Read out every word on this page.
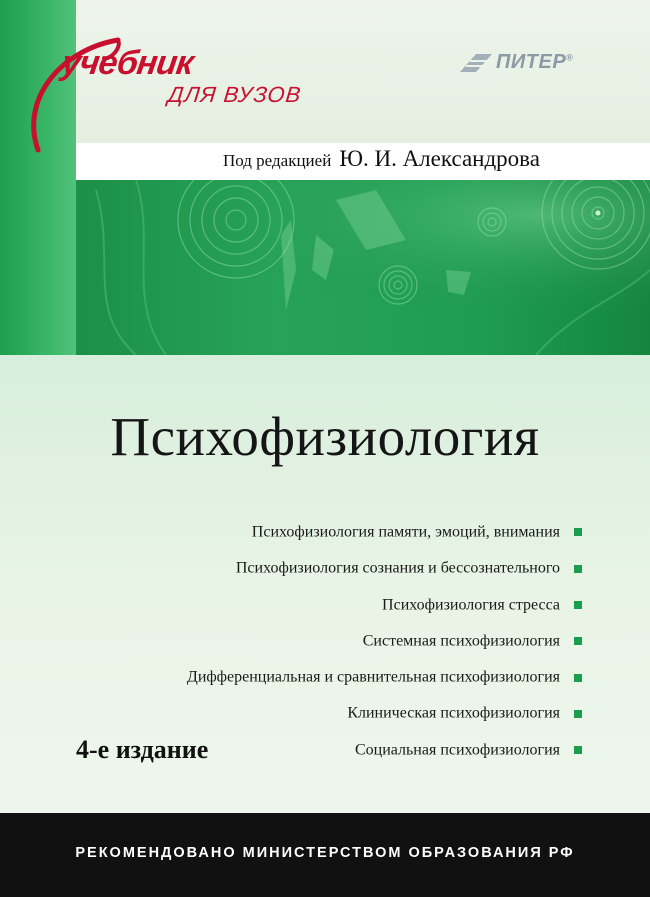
учебник
ДЛЯ ВУЗОВ
ПИТЕР®
Под редакцией Ю. И. Александрова
Психофизиология
Психофизиология памяти, эмоций, внимания
Психофизиология сознания и бессознательного
Психофизиология стресса
Системная психофизиология
Дифференциальная и сравнительная психофизиология
Клиническая психофизиология
Социальная психофизиология
4-е издание
РЕКОМЕНДОВАНО МИНИСТЕРСТВОМ ОБРАЗОВАНИЯ РФ
